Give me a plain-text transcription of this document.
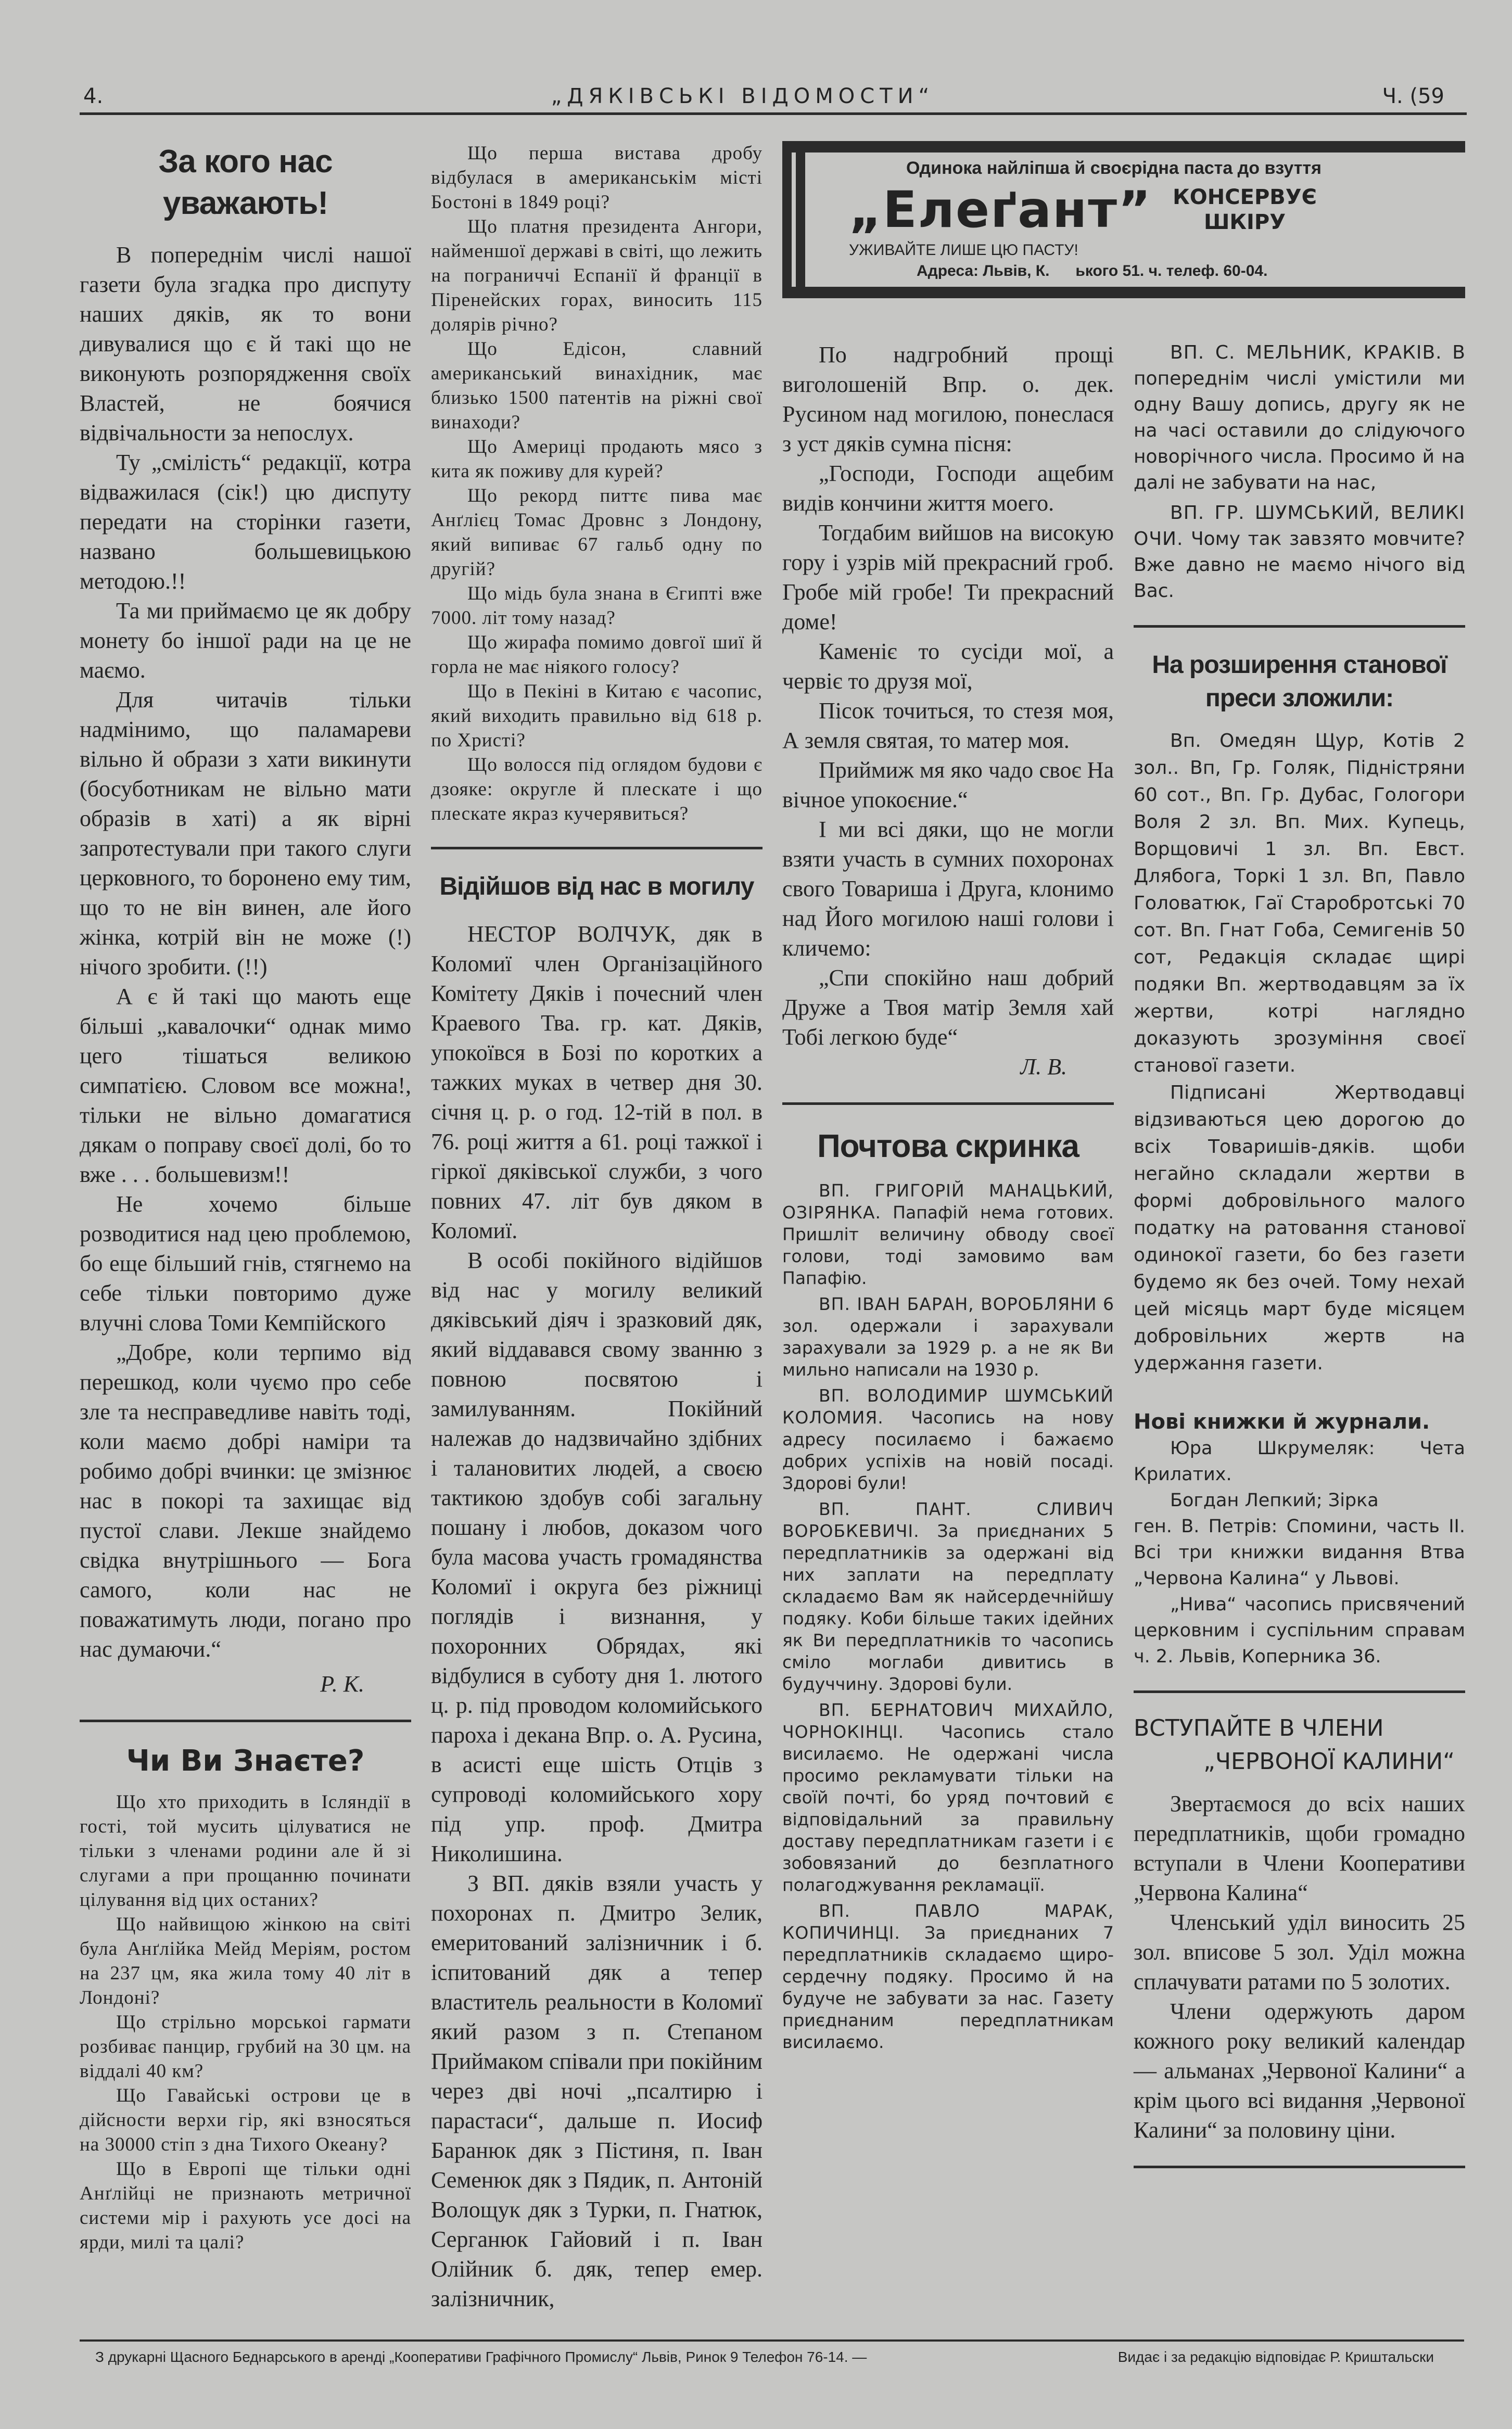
4.	„ДЯКІВСЬКІ ВІДОМОСТИ“	Ч. (59
За кого нас уважають!

В попереднім числі нашої газети була згадка про диспуту наших дяків, як то вони дивувалися що є й такі що не виконують розпорядження своїх Властей, не боячися відвічальности за непослух.

Ту „смілість“ редакції, котра відважилася (сік!) цю диспуту передати на сторінки газети, названо большевицькою методою.!!

Та ми приймаємо це як добру монету бо іншої ради на це не маємо.

Для читачів тільки надмінимо, що паламареви вільно й образи з хати викинути (босуботникам не вільно мати образів в хаті) а як вірні запротестували при такого слуги церковного, то боронено ему тим, що то не він винен, але його жінка, котрій він не може (!) нічого зробити. (!!)

А є й такі що мають еще більші „кавалочки“ однак мимо цего тішаться великою симпатією. Словом все можна!, тільки не вільно домагатися дякам о поправу своєї долі, бо то вже . . . большевизм!!

Не хочемо більше розводитися над цею проблемою, бо еще більший гнів, стягнемо на себе тільки повторимо дуже влучні слова Томи Кемпійского

„Добре, коли терпимо від перешкод, коли чуємо про себе зле та несправедливе навіть тоді, коли маємо добрі наміри та робимо добрі вчинки: це змізнює нас в покорі та захищає від пустої слави. Лекше знайдемо свідка внутрішнього — Бога самого, коли нас не поважатимуть люди, погано про нас думаючи.“

Р. К.
Чи Ви Знаєте?

Що хто приходить в Ісляндії в гості, той мусить цілуватися не тільки з членами родини але й зі слугами а при прощанню починати цілування від цих останих?

Що найвищою жінкою на світі була Анґлійка Мейд Меріям, ростом на 237 цм, яка жила тому 40 літ в Лондоні?

Що стрільно морськоі гармати розбиває панцир, грубий на 30 цм. на віддалі 40 км?

Що Гавайські острови це в дійсности верхи гір, які взносяться на 30000 стіп з дна Тихого Океану?

Що в Европі ще тільки одні Анґлійці не признають метричної системи мір і рахують усе досі на ярди, милі та цалі?

Що перша вистава дробу відбулася в американськім місті Бостоні в 1849 році?

Що платня президента Ангори, найменшої державі в світі, що лежить на пограниччі Еспанії й франції в Піренейских горах, виносить 115 долярів річно?

Що Едісон, славний американський винахідник, має близько 1500 патентів на ріжні свої винаходи?

Що Америці продають мясо з кита як поживу для курей?

Що рекорд питтє пива має Анґлієц Томас Дровнс з Лондону, який випиває 67 гальб одну по другій?

Що мідь була знана в Єгипті вже 7000. літ тому назад?

Що жирафа помимо довгої шиї й горла не має ніякого голосу?

Що в Пекіні в Китаю є часопис, який виходить правильно від 618 р. по Христі?

Що волосся під оглядом будови є дзояке: округле й плескате і що плескате якраз кучерявиться?

Відійшов від нас в могилу

НЕСТОР ВОЛЧУК, дяк в Коломиї член Організаційного Комітету Дяків і почесний член Краевого Тва. гр. кат. Дяків, упокоївся в Бозі по коротких а тажких муках в четвер дня 30. січня ц. р. о год. 12-тій в пол. в 76. році життя а 61. році тажкої і гіркої дяківської служби, з чого повних 47. літ був дяком в Коломиї.

В особі покійного відійшов від нас у могилу великий дяківський діяч і зразковий дяк, який віддавався свому званню з повною посвятою і замилуванням. Покійний належав до надзвичайно здібних і талановитих людей, а своєю тактикою здобув собі загальну пошану і любов, доказом чого була масова участь громадянства Коломиї і округа без ріжниці поглядів і визнання, у похоронних Обрядах, які відбулися в суботу дня 1. лютого ц. р. під проводом коломийського пароха і декана Впр. о. А. Русина, в асисті еще шість Отців з супроводі коломийського хору під упр. проф. Дмитра Николишина.

З ВП. дяків взяли участь у похоронах п. Дмитро Зелик, емеритований залізничник і б. іспитований дяк а тепер властитель реальности в Коломиї який разом з п. Степаном Приймаком співали при покійним через дві ночі „псалтирю і парастаси“, дальше п. Иосиф Баранюк дяк з Пістиня, п. Іван Семенюк дяк з Пядик, п. Антоній Волощук дяк з Турки, п. Гнатюк, Серганюк Гайовий і п. Іван Олійник б. дяк, тепер емер. залізничник,

Одинока найліпша й своєрідна паста до взуття
„Елеґант” КОНСЕРВУЄ
ШКІРУ
УЖИВАЙТЕ ЛИШЕ ЦЮ ПАСТУ!
Адреса: Львів, К.      ького 51. ч. телеф. 60-04.

По надгробний прощі виголошеній Впр. о. дек. Русином над могилою, понеслася з уст дяків сумна пісня:

„Господи, Господи ащебим видів кончини життя моего.

Тогдабим вийшов на високую гору і узрів мій прекрасний гроб. Гробе мій гробе! Ти прекрасний доме!

Каменіє то сусіди мої, а червіє то друзя мої,

Пісок точиться, то стезя моя, А земля святая, то матер моя.

Приймиж мя яко чадо своє На вічное упокоєние.“

І ми всі дяки, що не могли взяти участь в сумних похоронах свого Товариша і Друга, клонимо над Його могилою наші голови і кличемо:

„Спи спокійно наш добрий Друже а Твоя матір Земля хай Тобі легкою буде“

Л. В.
Почтова скринка

ВП. ГРИГОРІЙ МАНАЦЬКИЙ, ОЗІРЯНКА. Папафій нема готових. Пришліт величину обводу своєї голови, тоді замовимо вам Папафію.

ВП. ІВАН БАРАН, ВОРОБЛЯНИ 6 зол. одержали і зарахували зарахували за 1929 р. а не як Ви мильно написали на 1930 р.

ВП. ВОЛОДИМИР ШУМСЬКИЙ КОЛОМИЯ. Часопись на нову адресу посилаємо і бажаємо добрих успіхів на новій посаді. Здорові були!

ВП. ПАНТ. СЛИВИЧ ВОРОБКЕВИЧІ. За приєднаних 5 передплатників за одержані від них заплати на передплату складаємо Вам як найсердечнійшу подяку. Коби більше таких ідейних як Ви передплатників то часопись сміло моглаби дивитись в будуччину. Здорові були.

ВП. БЕРНАТОВИЧ МИХАЙЛО, ЧОРНОКІНЦІ. Часопись стало висилаємо. Не одержані числа просимо рекламувати тільки на своїй почті, бо уряд почтовий є відповідальний за правильну доставу передплатникам газети і є зобовязаний до безплатного полагоджування рекламації.

ВП. ПАВЛО МАРАК, КОПИЧИНЦІ. За приєднаних 7 передплатників складаємо щиро-сердечну подяку. Просимо й на будуче не забувати за нас. Газету приєднаним передплатникам висилаємо.

ВП. С. МЕЛЬНИК, КРАКІВ. В попереднім числі умістили ми одну Вашу допись, другу як не на часі оставили до слідуючого новорічного числа. Просимо й на далі не забувати на нас,

ВП. ГР. ШУМСЬКИЙ, ВЕЛИКІ ОЧИ. Чому так завзято мовчите? Вже давно не маємо нічого від Вас.

На розширення станової преси зложили:

Вп. Омедян Щур, Котів 2 зол.. Вп, Гр. Голяк, Підністряни 60 сот., Вп. Гр. Дубас, Гологори Воля 2 зл. Вп. Мих. Купець, Ворщовичі 1 зл. Вп. Евст. Длябога, Торкі 1 зл. Вп, Павло Головатюк, Гаї Старобротські 70 сот. Вп. Гнат Гоба, Семигенів 50 сот, Редакція складає щирі подяки Вп. жертводавцям за їх жертви, котрі наглядно доказують зрозуміння своєї станової газети.

Підписані Жертводавці відзиваються цею дорогою до всіх Товаришів-дяків. щоби негайно складали жертви в формі добровільного малого податку на ратовання станової одинокої газети, бо без газети будемо як без очей. Тому нехай цей місяць март буде місяцем добровільних жертв на удержання газети.

Нові книжки й журнали.

Юра Шкрумеляк: Чета Крилатих.

Богдан Лепкий; Зірка

ген. В. Петрів: Спомини, часть II. Всі три книжки видання Втва „Червона Калина“ у Львові.

„Нива“ часопись присвячений церковним і суспільним справам ч. 2. Львів, Коперника 36.

ВСТУПАЙТЕ В ЧЛЕНИ
„ЧЕРВОНОЇ КАЛИНИ“

Звертаємося до всіх наших передплатників, щоби громадно вступали в Члени Кооперативи „Червона Калина“

Членський уділ виносить 25 зол. вписове 5 зол. Уділ можна сплачувати ратами по 5 золотих.

Члени одержують даром кожного року великий календар — альманах „Червоної Калини“ а крім цього всі видання „Червоної Калини“ за половину ціни.

З друкарні Щасного Беднарського в аренді „Кооперативи Графічного Промислу“ Львів, Ринок 9 Телефон 76-14. —	Видає і за редакцію відповідає Р. Криштальски
